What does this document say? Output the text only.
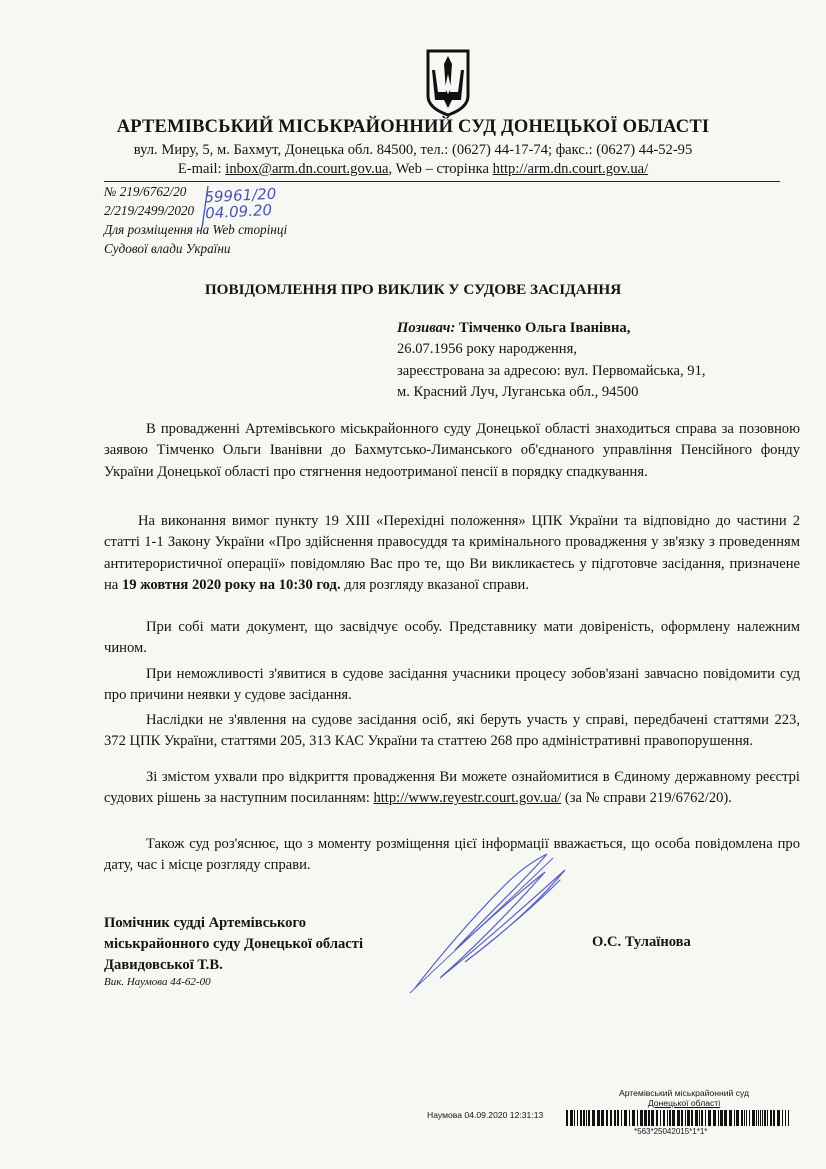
АРТЕМІВСЬКИЙ МІСЬКРАЙОННИЙ СУД ДОНЕЦЬКОЇ ОБЛАСТІ
вул. Миру, 5, м. Бахмут, Донецька обл. 84500, тел.: (0627) 44-17-74; факс.: (0627) 44-52-95
E-mail: inbox@arm.dn.court.gov.ua, Web – сторінка http://arm.dn.court.gov.ua/
№ 219/6762/20
2/219/2499/2020
Для розміщення на Web сторінці
Судової влади України
59961/20
04.09.20
ПОВІДОМЛЕННЯ ПРО ВИКЛИК У СУДОВЕ ЗАСІДАННЯ
Позивач: Тімченко Ольга Іванівна,
26.07.1956 року народження,
зареєстрована за адресою: вул. Первомайська, 91,
м. Красний Луч, Луганська обл., 94500
В провадженні Артемівського міськрайонного суду Донецької області знаходиться справа за позовною заявою Тімченко Ольги Іванівни до Бахмутсько-Лиманського об'єднаного управління Пенсійного фонду України Донецької області про стягнення недоотриманої пенсії в порядку спадкування.
На виконання вимог пункту 19 ХІІІ «Перехідні положення» ЦПК України та відповідно до частини 2 статті 1-1 Закону України «Про здійснення правосуддя та кримінального провадження у зв'язку з проведенням антитерористичної операції» повідомляю Вас про те, що Ви викликаєтесь у підготовче засідання, призначене на 19 жовтня 2020 року на 10:30 год. для розгляду вказаної справи.
При собі мати документ, що засвідчує особу. Представнику мати довіреність, оформлену належним чином.
При неможливості з'явитися в судове засідання учасники процесу зобов'язані завчасно повідомити суд про причини неявки у судове засідання.
Наслідки не з'явлення на судове засідання осіб, які беруть участь у справі, передбачені статтями 223, 372 ЦПК України, статтями 205, 313 КАС України та статтею 268 про адміністративні правопорушення.
Зі змістом ухвали про відкриття провадження Ви можете ознайомитися в Єдиному державному реєстрі судових рішень за наступним посиланням: http://www.reyestr.court.gov.ua/ (за № справи 219/6762/20).
Також суд роз'яснює, що з моменту розміщення цієї інформації вважається, що особа повідомлена про дату, час і місце розгляду справи.
Помічник судді Артемівського
міськрайонного суду Донецької області
Давидовської Т.В.
О.С. Тулаїнова
Вик. Наумова 44-62-00
Артемівський міськрайонний суд
Донецької області
Наумова 04.09.2020 12:31:13
*563*25042015*1*1*
